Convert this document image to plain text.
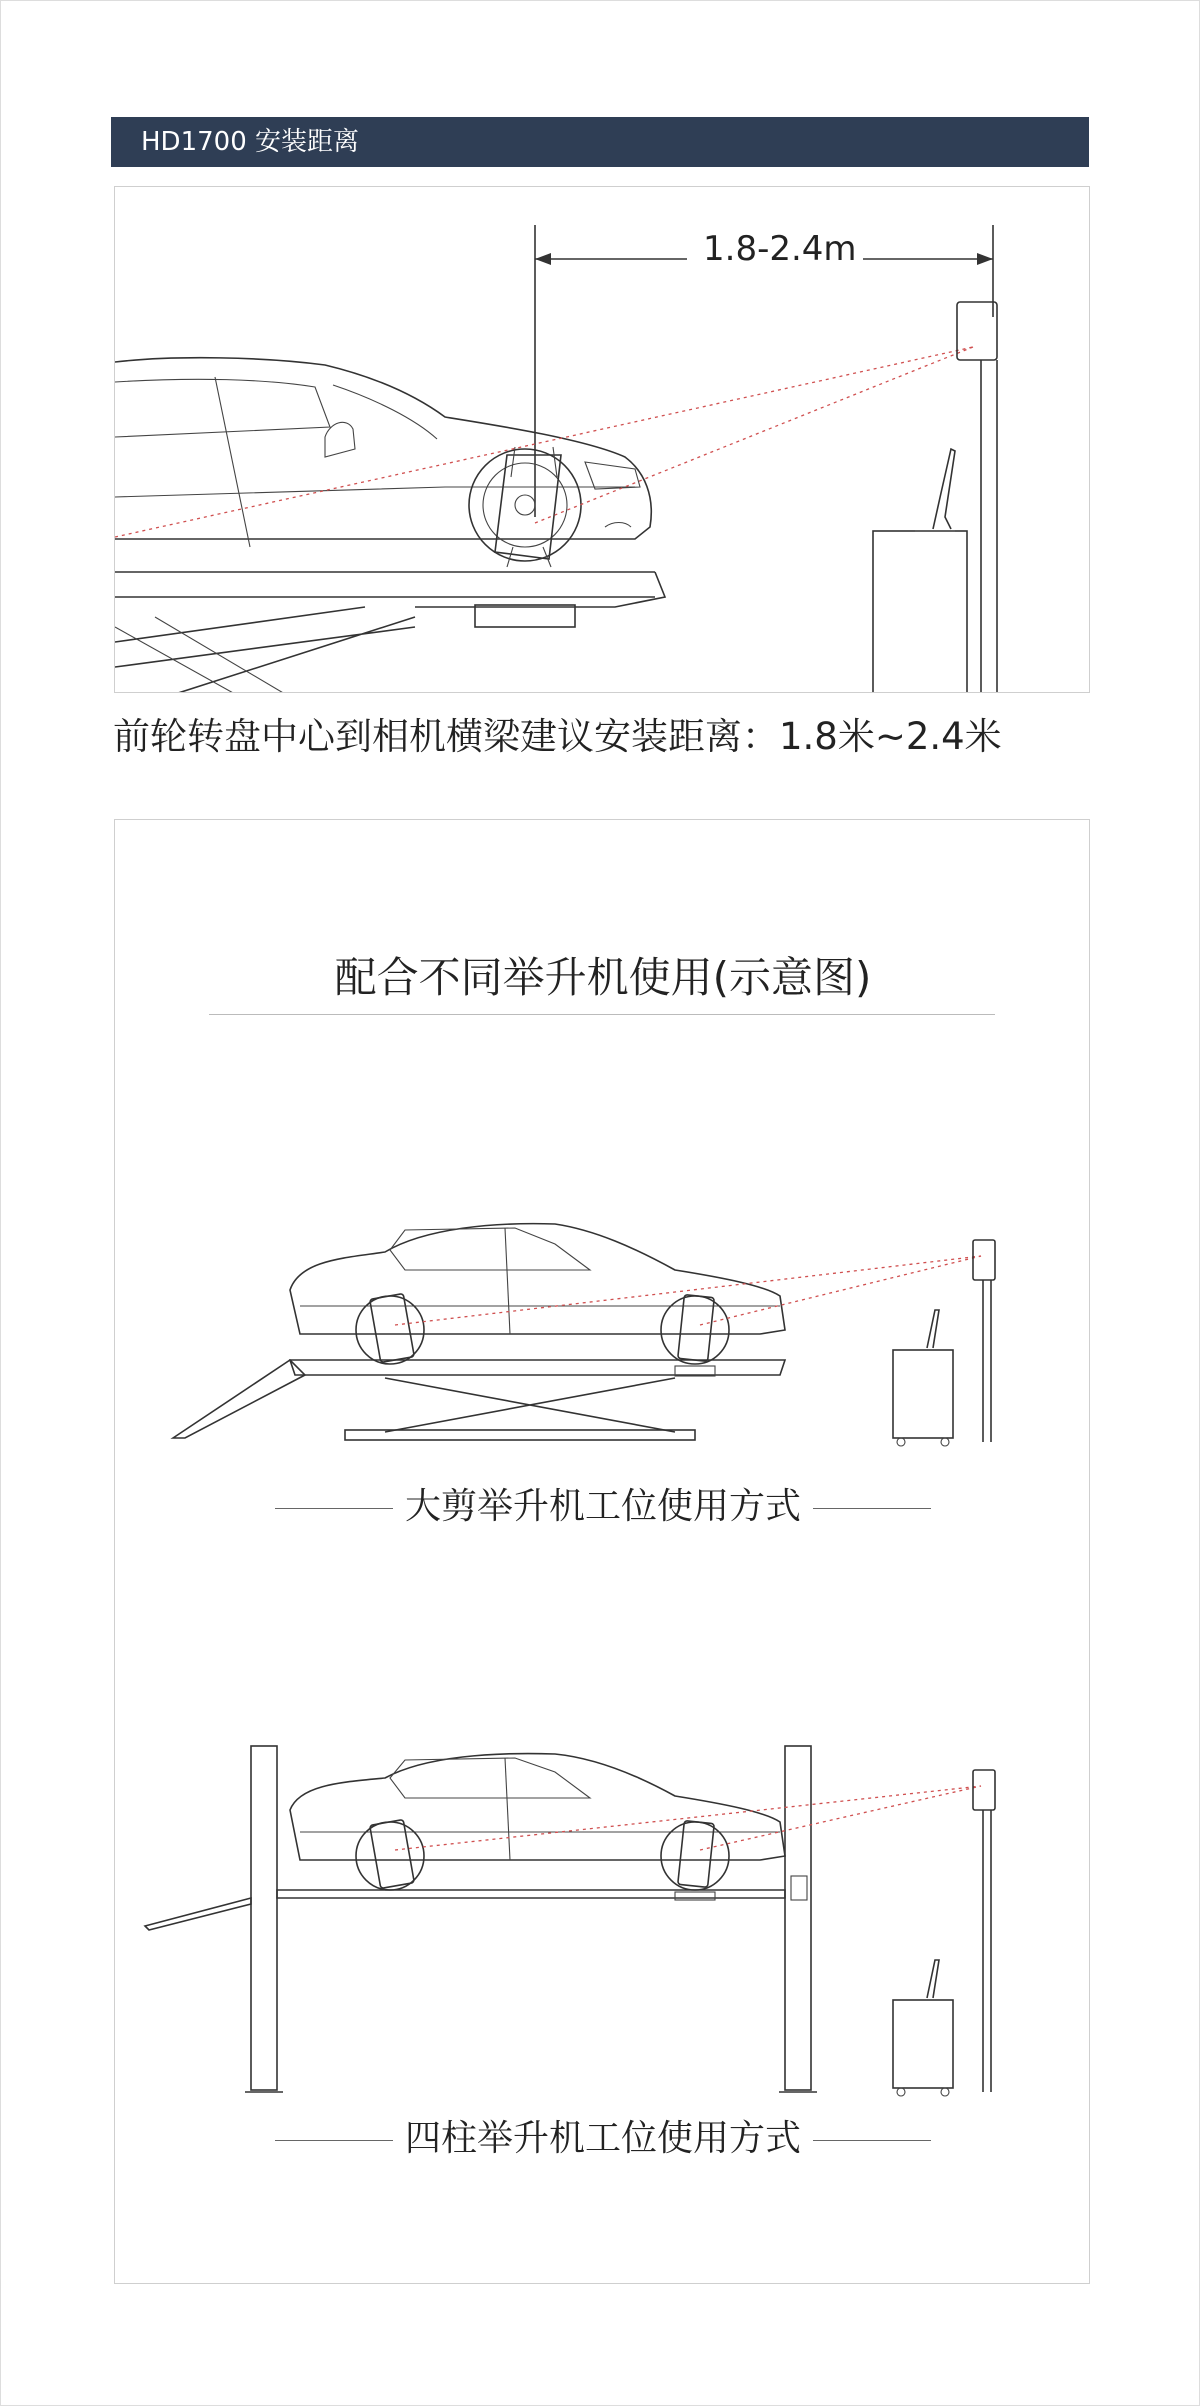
HD1700 安装距离
1.8-2.4m
前轮转盘中心到相机横梁建议安装距离：1.8米~2.4米
配合不同举升机使用(示意图)
大剪举升机工位使用方式
四柱举升机工位使用方式
